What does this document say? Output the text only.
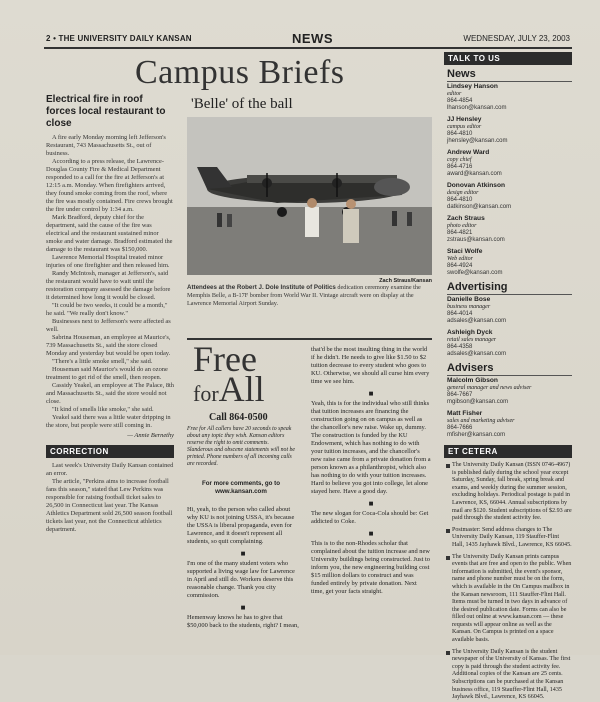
2 • THE UNIVERSITY DAILY KANSAN	NEWS	WEDNESDAY, JULY 23, 2003
Campus Briefs
Electrical fire in roof forces local restaurant to close

A fire early Monday morning left Jefferson's Restaurant, 743 Massachusetts St., out of business.

According to a press release, the Lawrence-Douglas County Fire & Medical Department responded to a call for the fire at Jefferson's at 12:15 a.m. Monday. When firefighters arrived, they found smoke coming from the roof, where the fire was mostly contained. Fire crews brought the fire under control by 1:34 a.m.

Mark Bradford, deputy chief for the department, said the cause of the fire was electrical and the restaurant sustained minor smoke and water damage. Bradford estimated the damage to the restaurant was $150,000.

Lawrence Memorial Hospital treated minor injuries of one firefighter and then released him.

Randy McIntosh, manager at Jefferson's, said the restaurant would have to wait until the restoration company assessed the damage before it determined how long it would be closed.

"It could be two weeks, it could be a month," he said. "We really don't know."

Businesses next to Jefferson's were affected as well.

Sabrina Houseman, an employee at Maurice's, 739 Massachusetts St., said the store closed Monday and yesterday but would be open today.

"There's a little smoke smell," she said.

Houseman said Maurice's would do an ozone treatment to get rid of the smell, then reopen.

Cassidy Yeakel, an employee at The Palace, 8th and Massachusetts St., said the store would not close.

"It kind of smells like smoke," she said.

Yeakel said there was a little water dripping in the store, but people were still coming in.

— Annie Bernethy
CORRECTION

Last week's University Daily Kansan contained an error.

The article, "Perkins aims to increase football fans this season," stated that Lew Perkins was responsible for raising football ticket sales to 26,500 in Connecticut last year. The Kansas Athletics Department sold 26,500 season football tickets last year, not the Connecticut athletics department.

'Belle' of the ball
Zach Straus/Kansan
Attendees at the Robert J. Dole Institute of Politics dedication ceremony examine the Memphis Belle, a B-17F bomber from World War II. Vintage aircraft were on display at the Lawrence Memorial Airport Sunday.
Free
forAll
Call 864-0500
Free for All callers have 20 seconds to speak about any topic they wish. Kansan editors reserve the right to omit comments. Slanderous and obscene statements will not be printed. Phone numbers of all incoming calls are recorded.
For more comments, go to
www.kansan.com

Hi, yeah, to the person who called about why KU is not joining USSA, it's because the USSA is liberal propaganda, even for Lawrence, and it doesn't represent all students, so quit complaining.

■

I'm one of the many student voters who supported a living wage law for Lawrence in April and still do. Workers deserve this reasonable change. Thank you city commission.

■

Hemenway knows he has to give that $50,000 back to the students, right? I mean,

that'd be the most insulting thing in the world if he didn't. He needs to give like $1.50 to $2 tuition decrease to every student who goes to KU. Otherwise, we should all curse him every time we see him.

■

Yeah, this is for the individual who still thinks that tuition increases are financing the construction going on on campus as well as the chancellor's new raise. Wake up, dummy. The construction is funded by the KU Endowment, which has nothing to do with your tuition increases, and the chancellor's new raise came from a private donation from a person known as a philanthropist, which also has nothing to do with your tuition increases. Hard to believe you got into college, let alone stayed here. Have a good day.

■

The new slogan for Coca-Cola should be: Get addicted to Coke.

■

This is to the non-Rhodes scholar that complained about the tuition increase and new University buildings being constructed. Just to inform you, the new engineering building cost $15 million dollars to construct and was funded entirely by private donation. Next time, get your facts straight.

TALK TO US
News
Lindsey Hanson
editor
864-4854
lhanson@kansan.com
JJ Hensley
campus editor
864-4810
jhensley@kansan.com
Andrew Ward
copy chief
864-4716
award@kansan.com
Donovan Atkinson
design editor
864-4810
datkinson@kansan.com
Zach Straus
photo editor
864-4821
zstraus@kansan.com
Staci Wolfe
Web editor
864-4924
swolfe@kansan.com
Advertising
Danielle Bose
business manager
864-4014
adsales@kansan.com
Ashleigh Dyck
retail sales manager
864-4358
adsales@kansan.com
Advisers
Malcolm Gibson
general manager and news adviser
864-7667
mgibson@kansan.com
Matt Fisher
sales and marketing adviser
864-7666
mfisher@kansan.com
ET CETERA
The University Daily Kansan (ISSN 0746-4967) is published daily during the school year except Saturday, Sunday, fall break, spring break and exams, and weekly during the summer session, excluding holidays. Periodical postage is paid in Lawrence, KS, 66044. Annual subscriptions by mail are $120. Student subscriptions of $2.93 are paid through the student activity fee.
Postmaster: Send address changes to The University Daily Kansan, 119 Stauffer-Flint Hall, 1435 Jayhawk Blvd., Lawrence, KS 66045.
The University Daily Kansan prints campus events that are free and open to the public. When information is submitted, the event's sponsor, name and phone number must be on the form, which is available in the On Campus mailbox in the Kansan newsroom, 111 Stauffer-Flint Hall. Items must be turned in two days in advance of the desired publication date. Forms can also be filled out online at www.kansan.com — these requests will appear online as well as the Kansan. On Campus is printed on a space available basis.
The University Daily Kansan is the student newspaper of the University of Kansas. The first copy is paid through the student activity fee. Additional copies of the Kansan are 25 cents. Subscriptions can be purchased at the Kansan business office, 119 Stauffer-Flint Hall, 1435 Jayhawk Blvd., Lawrence, KS 66045.
